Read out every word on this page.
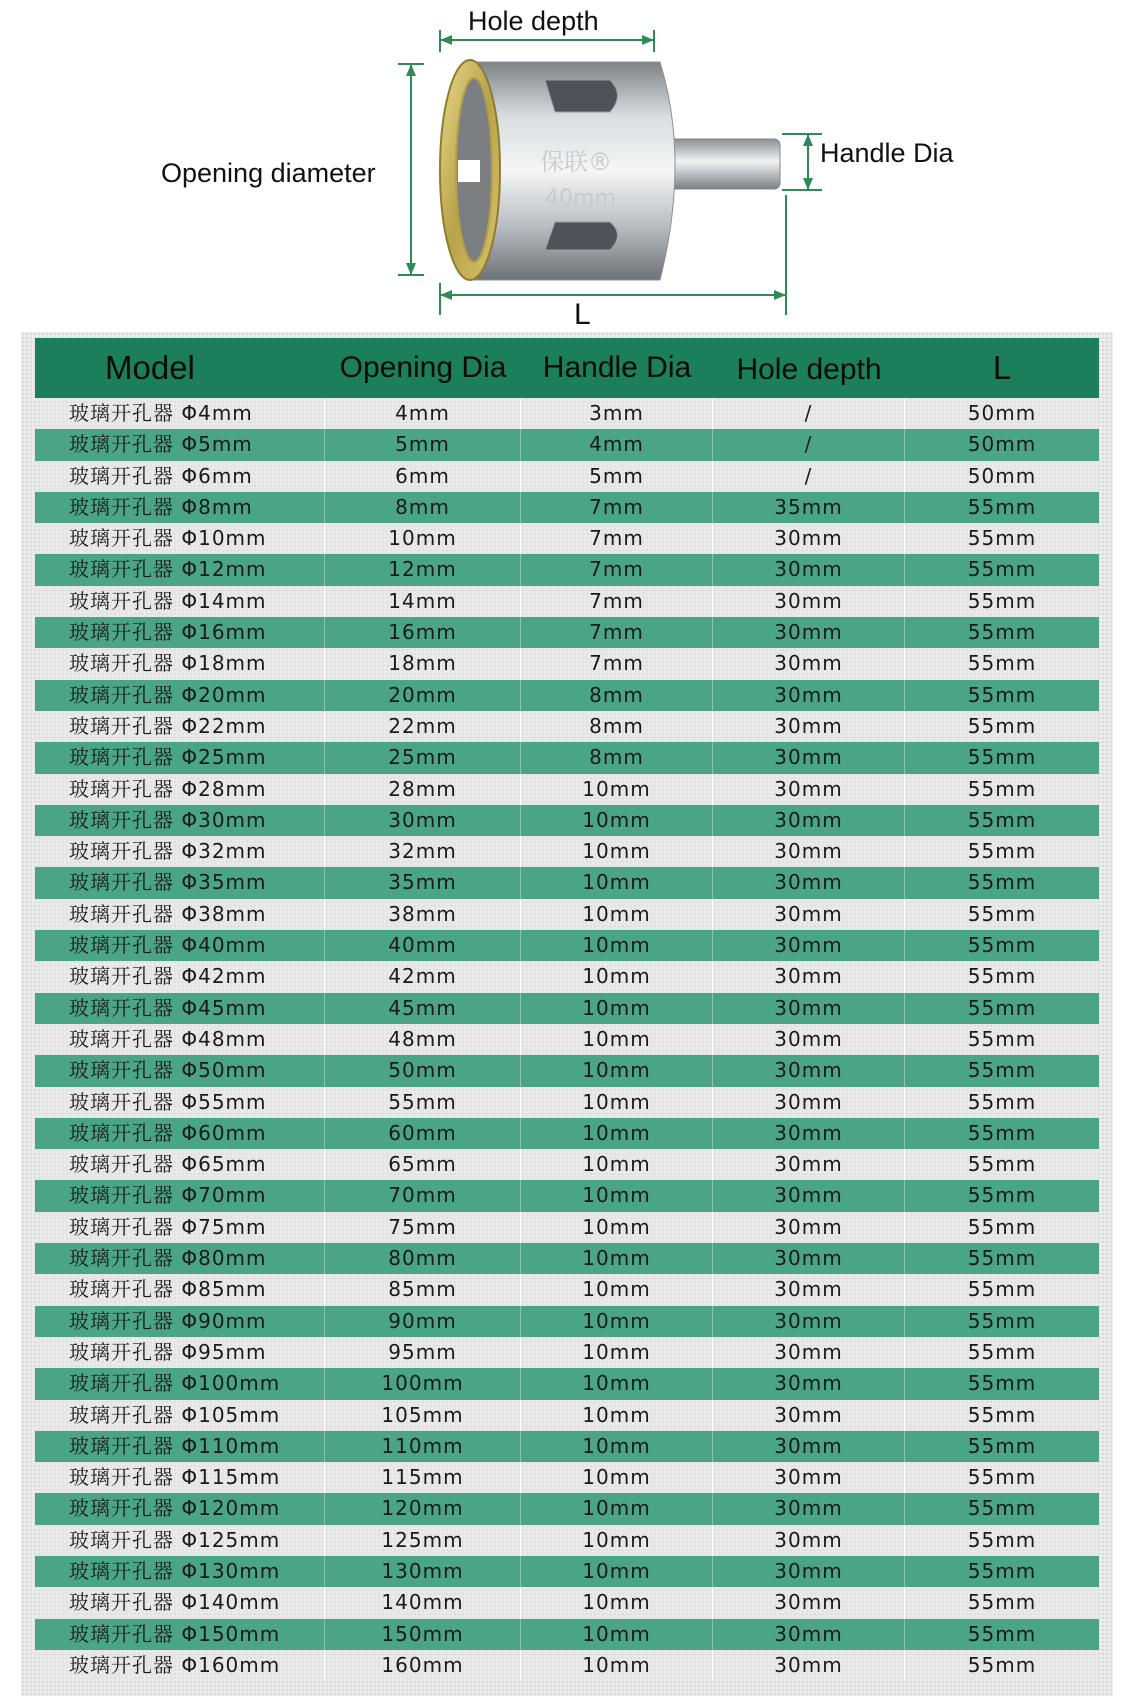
保联®
40mm
Hole depth
Opening diameter
Handle Dia
L
Model	Opening Dia	Handle Dia	Hole depth	L
玻璃开孔器 Φ4mm	4mm	3mm	/	50mm
玻璃开孔器 Φ5mm	5mm	4mm	/	50mm
玻璃开孔器 Φ6mm	6mm	5mm	/	50mm
玻璃开孔器 Φ8mm	8mm	7mm	35mm	55mm
玻璃开孔器 Φ10mm	10mm	7mm	30mm	55mm
玻璃开孔器 Φ12mm	12mm	7mm	30mm	55mm
玻璃开孔器 Φ14mm	14mm	7mm	30mm	55mm
玻璃开孔器 Φ16mm	16mm	7mm	30mm	55mm
玻璃开孔器 Φ18mm	18mm	7mm	30mm	55mm
玻璃开孔器 Φ20mm	20mm	8mm	30mm	55mm
玻璃开孔器 Φ22mm	22mm	8mm	30mm	55mm
玻璃开孔器 Φ25mm	25mm	8mm	30mm	55mm
玻璃开孔器 Φ28mm	28mm	10mm	30mm	55mm
玻璃开孔器 Φ30mm	30mm	10mm	30mm	55mm
玻璃开孔器 Φ32mm	32mm	10mm	30mm	55mm
玻璃开孔器 Φ35mm	35mm	10mm	30mm	55mm
玻璃开孔器 Φ38mm	38mm	10mm	30mm	55mm
玻璃开孔器 Φ40mm	40mm	10mm	30mm	55mm
玻璃开孔器 Φ42mm	42mm	10mm	30mm	55mm
玻璃开孔器 Φ45mm	45mm	10mm	30mm	55mm
玻璃开孔器 Φ48mm	48mm	10mm	30mm	55mm
玻璃开孔器 Φ50mm	50mm	10mm	30mm	55mm
玻璃开孔器 Φ55mm	55mm	10mm	30mm	55mm
玻璃开孔器 Φ60mm	60mm	10mm	30mm	55mm
玻璃开孔器 Φ65mm	65mm	10mm	30mm	55mm
玻璃开孔器 Φ70mm	70mm	10mm	30mm	55mm
玻璃开孔器 Φ75mm	75mm	10mm	30mm	55mm
玻璃开孔器 Φ80mm	80mm	10mm	30mm	55mm
玻璃开孔器 Φ85mm	85mm	10mm	30mm	55mm
玻璃开孔器 Φ90mm	90mm	10mm	30mm	55mm
玻璃开孔器 Φ95mm	95mm	10mm	30mm	55mm
玻璃开孔器 Φ100mm	100mm	10mm	30mm	55mm
玻璃开孔器 Φ105mm	105mm	10mm	30mm	55mm
玻璃开孔器 Φ110mm	110mm	10mm	30mm	55mm
玻璃开孔器 Φ115mm	115mm	10mm	30mm	55mm
玻璃开孔器 Φ120mm	120mm	10mm	30mm	55mm
玻璃开孔器 Φ125mm	125mm	10mm	30mm	55mm
玻璃开孔器 Φ130mm	130mm	10mm	30mm	55mm
玻璃开孔器 Φ140mm	140mm	10mm	30mm	55mm
玻璃开孔器 Φ150mm	150mm	10mm	30mm	55mm
玻璃开孔器 Φ160mm	160mm	10mm	30mm	55mm
